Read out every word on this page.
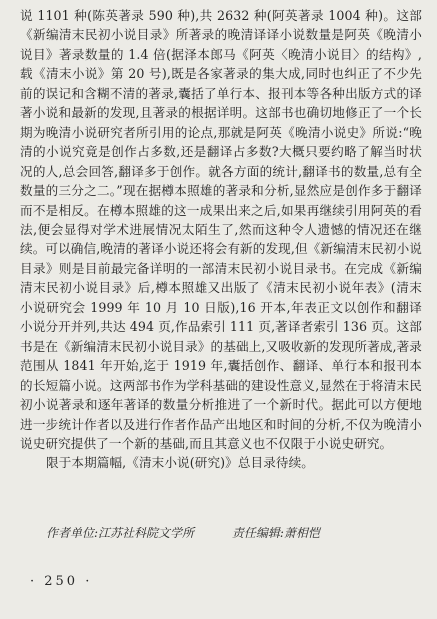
说 1101 种(陈英著录 590 种),共 2632 种(阿英著录 1004 种)。这部《新编清末民初小说目录》所著录的晚清译译小说数量是阿英《晚清小说目》著录数量的 1.4 倍(据泽本郎马《阿英〈晚清小说目〉的结构》,载《清末小说》第 20 号),既是各家著录的集大成,同时也纠正了不少先前的误记和含糊不清的著录,囊括了单行本、报刊本等各种出版方式的译著小说和最新的发现,且著录的根据详明。这部书也确切地修正了一个长期为晚清小说研究者所引用的论点,那就是阿英《晚清小说史》所说:“晚清的小说究竟是创作占多数,还是翻译占多数?大概只要约略了解当时状况的人,总会回答,翻译多于创作。就各方面的统计,翻译书的数量,总有全数量的三分之二。”现在据樽本照雄的著录和分析,显然应是创作多于翻译而不是相反。在樽本照雄的这一成果出来之后,如果再继续引用阿英的看法,便会显得对学术进展情况太陌生了,然而这种令人遗憾的情况还在继续。可以确信,晚清的著译小说还将会有新的发现,但《新编清末民初小说目录》则是目前最完备详明的一部清末民初小说目录书。在完成《新编清末民初小说目录》后,樽本照雄又出版了《清末民初小说年表》(清末小说研究会 1999 年 10 月 10 日版),16 开本,年表正文以创作和翻译小说分开并列,共达 494 页,作品索引 111 页,著译者索引 136 页。这部书是在《新编清末民初小说目录》的基础上,又吸收新的发现所著成,著录范围从 1841 年开始,迄于 1919 年,囊括创作、翻译、单行本和报刊本的长短篇小说。这两部书作为学科基础的建设性意义,显然在于将清末民初小说著录和逐年著译的数量分析推进了一个新时代。据此可以方便地进一步统计作者以及进行作者作品产出地区和时间的分析,不仅为晚清小说史研究提供了一个新的基础,而且其意义也不仅限于小说史研究。

限于本期篇幅,《清末小说(研究)》总目录待续。

作者单位:江苏社科院文学所	责任编辑:萧相恺
· 250 ·
